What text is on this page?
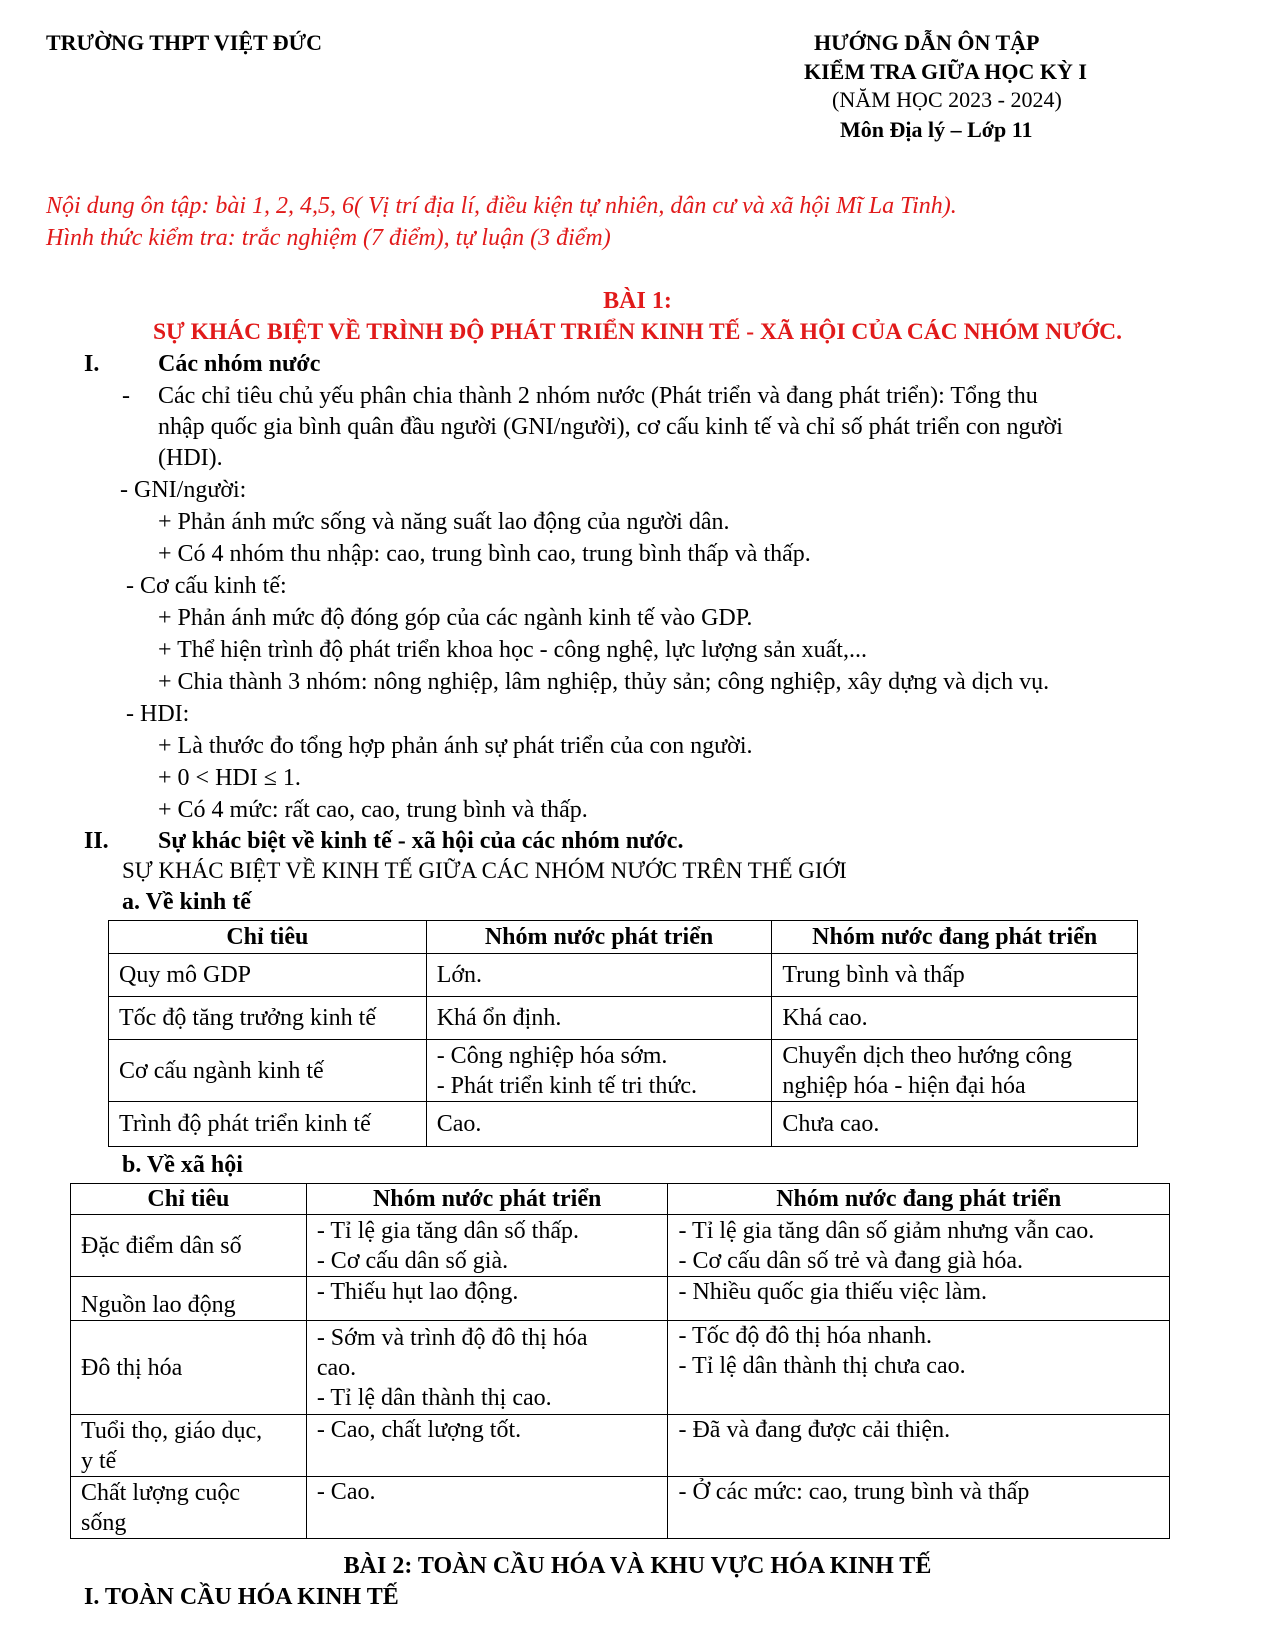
TRƯỜNG THPT VIỆT ĐỨC	HƯỚNG DẪN ÔN TẬP
KIỂM TRA GIỮA HỌC KỲ I
(NĂM HỌC 2023 - 2024)
Môn Địa lý – Lớp 11
Nội dung ôn tập: bài 1, 2, 4,5, 6( Vị trí địa lí, điều kiện tự nhiên, dân cư và xã hội Mĩ La Tinh).
Hình thức kiểm tra: trắc nghiệm (7 điểm), tự luận (3 điểm)
BÀI 1:
SỰ KHÁC BIỆT VỀ TRÌNH ĐỘ PHÁT TRIỂN KINH TẾ - XÃ HỘI CỦA CÁC NHÓM NƯỚC.
I. Các nhóm nước
- Các chỉ tiêu chủ yếu phân chia thành 2 nhóm nước (Phát triển và đang phát triển): Tổng thu
nhập quốc gia bình quân đầu người (GNI/người), cơ cấu kinh tế và chỉ số phát triển con người
(HDI).
- GNI/người:
+ Phản ánh mức sống và năng suất lao động của người dân.
+ Có 4 nhóm thu nhập: cao, trung bình cao, trung bình thấp và thấp.
- Cơ cấu kinh tế:
+ Phản ánh mức độ đóng góp của các ngành kinh tế vào GDP.
+ Thể hiện trình độ phát triển khoa học - công nghệ, lực lượng sản xuất,...
+ Chia thành 3 nhóm: nông nghiệp, lâm nghiệp, thủy sản; công nghiệp, xây dựng và dịch vụ.
- HDI:
+ Là thước đo tổng hợp phản ánh sự phát triển của con người.
+ 0 < HDI ≤ 1.
+ Có 4 mức: rất cao, cao, trung bình và thấp.
II. Sự khác biệt về kinh tế - xã hội của các nhóm nước.
SỰ KHÁC BIỆT VỀ KINH TẾ GIỮA CÁC NHÓM NƯỚC TRÊN THẾ GIỚI
a. Về kinh tế
Chỉ tiêu	Nhóm nước phát triển	Nhóm nước đang phát triển
Quy mô GDP	Lớn.	Trung bình và thấp
Tốc độ tăng trưởng kinh tế	Khá ổn định.	Khá cao.
Cơ cấu ngành kinh tế	- Công nghiệp hóa sớm.
- Phát triển kinh tế tri thức.	Chuyển dịch theo hướng công
nghiệp hóa - hiện đại hóa

Trình độ phát triển kinh tế	Cao.	Chưa cao.
b. Về xã hội
Chỉ tiêu	Nhóm nước phát triển	Nhóm nước đang phát triển
Đặc điểm dân số	- Tỉ lệ gia tăng dân số thấp.
- Cơ cấu dân số già.	- Tỉ lệ gia tăng dân số giảm nhưng vẫn cao.
- Cơ cấu dân số trẻ và đang già hóa.

Nguồn lao động	- Thiếu hụt lao động.	- Nhiều quốc gia thiếu việc làm.
Đô thị hóa	- Sớm và trình độ đô thị hóa
cao.
- Tỉ lệ dân thành thị cao.	- Tốc độ đô thị hóa nhanh.
- Tỉ lệ dân thành thị chưa cao.

Tuổi thọ, giáo dục,
y tế	- Cao, chất lượng tốt.	- Đã và đang được cải thiện.

Chất lượng cuộc
sống	- Cao.	- Ở các mức: cao, trung bình và thấp
BÀI 2: TOÀN CẦU HÓA VÀ KHU VỰC HÓA KINH TẾ
I. TOÀN CẦU HÓA KINH TẾ
